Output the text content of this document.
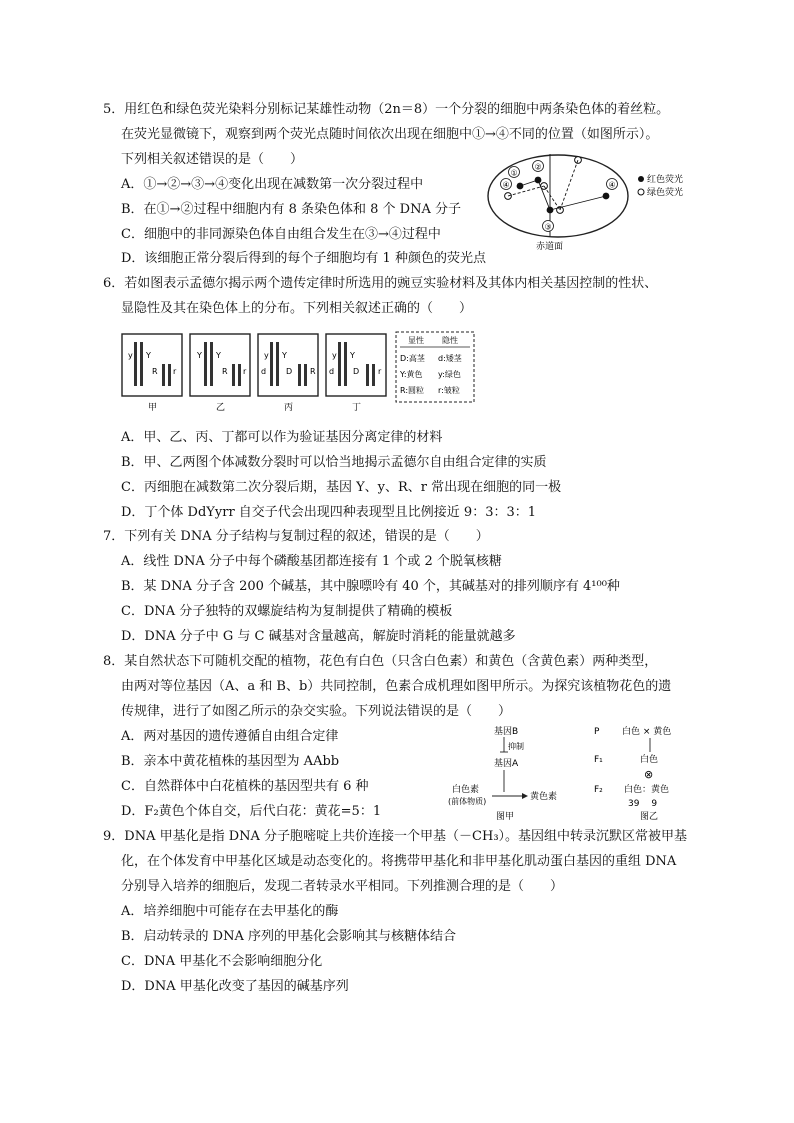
5．用红色和绿色荧光染料分别标记某雄性动物（2n＝8）一个分裂的细胞中两条染色体的着丝粒。
在荧光显微镜下，观察到两个荧光点随时间依次出现在细胞中①→④不同的位置（如图所示）。
下列相关叙述错误的是（　　）
A．①→②→③→④变化出现在减数第一次分裂过程中
B．在①→②过程中细胞内有 8 条染色体和 8 个 DNA 分子
C．细胞中的非同源染色体自由组合发生在③→④过程中
D．该细胞正常分裂后得到的每个子细胞均有 1 种颜色的荧光点
①
②
③
④	④
赤道面
红色荧光
绿色荧光
6．若如图表示孟德尔揭示两个遗传定律时所选用的豌豆实验材料及其体内相关基因控制的性状、
显隐性及其在染色体上的分布。下列相关叙述正确的（　　）
y Y
R r
甲
Y Y
R r
乙
y Y
d D R
丙
y Y
d D r
丁
显性 隐性
D:高茎 d:矮茎
Y:黄色 y:绿色
R:圆粒 r:皱粒
A．甲、乙、丙、丁都可以作为验证基因分离定律的材料
B．甲、乙两图个体减数分裂时可以恰当地揭示孟德尔自由组合定律的实质
C．丙细胞在减数第二次分裂后期，基因 Y、y、R、r 常出现在细胞的同一极
D．丁个体 DdYyrr 自交子代会出现四种表现型且比例接近 9：3：3：1
7．下列有关 DNA 分子结构与复制过程的叙述，错误的是（　　）
A．线性 DNA 分子中每个磷酸基团都连接有 1 个或 2 个脱氧核糖
B．某 DNA 分子含 200 个碱基，其中腺嘌呤有 40 个，其碱基对的排列顺序有 4¹⁰⁰种
C．DNA 分子独特的双螺旋结构为复制提供了精确的模板
D．DNA 分子中 G 与 C 碱基对含量越高，解旋时消耗的能量就越多
8．某自然状态下可随机交配的植物，花色有白色（只含白色素）和黄色（含黄色素）两种类型，
由两对等位基因（A、a 和 B、b）共同控制，色素合成机理如图甲所示。为探究该植物花色的遗
传规律，进行了如图乙所示的杂交实验。下列说法错误的是（　　）
A．两对基因的遗传遵循自由组合定律
B．亲本中黄花植株的基因型为 AAbb
C．自然群体中白花植株的基因型共有 6 种
D．F₂黄色个体自交，后代白花：黄花=5：1
基因B
抑制
基因A
白色素
(前体物质)	黄色素
图甲
P	白色 × 黄色
F₁	白色
⊗
F₂ 白色：黄色
39　 9
图乙
9．DNA 甲基化是指 DNA 分子胞嘧啶上共价连接一个甲基（－CH₃）。基因组中转录沉默区常被甲基
化，在个体发育中甲基化区域是动态变化的。将携带甲基化和非甲基化肌动蛋白基因的重组 DNA
分别导入培养的细胞后，发现二者转录水平相同。下列推测合理的是（　　）
A．培养细胞中可能存在去甲基化的酶
B．启动转录的 DNA 序列的甲基化会影响其与核糖体结合
C．DNA 甲基化不会影响细胞分化
D．DNA 甲基化改变了基因的碱基序列
